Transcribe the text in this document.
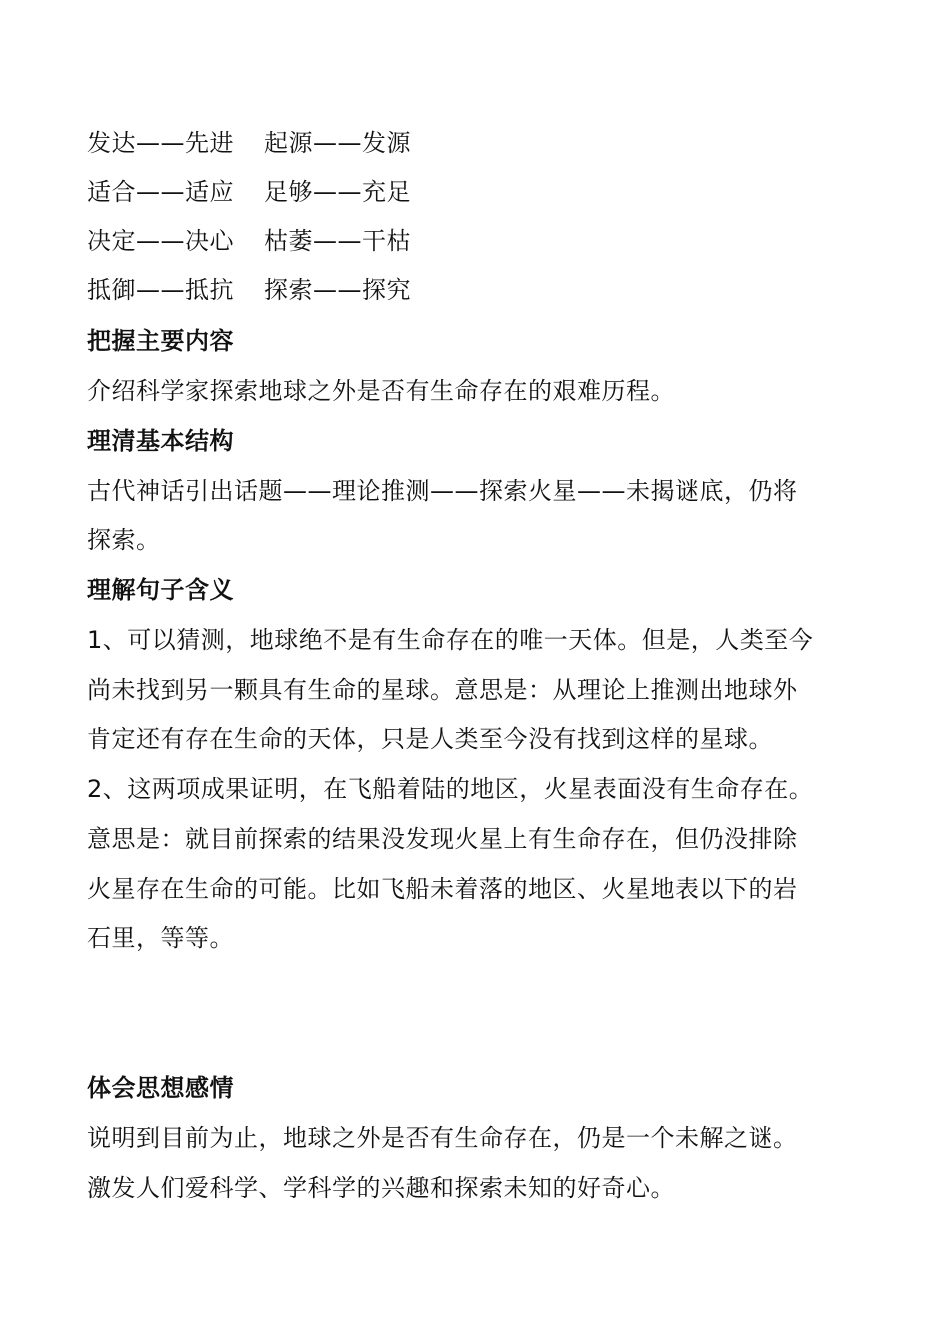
发达——先进 起源——发源
适合——适应 足够——充足
决定——决心 枯萎——干枯
抵御——抵抗 探索——探究
把握主要内容
介绍科学家探索地球之外是否有生命存在的艰难历程。
理清基本结构
古代神话引出话题——理论推测——探索火星——未揭谜底，仍将
探索。
理解句子含义
1、可以猜测，地球绝不是有生命存在的唯一天体。但是，人类至今
尚未找到另一颗具有生命的星球。意思是：从理论上推测出地球外
肯定还有存在生命的天体，只是人类至今没有找到这样的星球。
2、这两项成果证明，在飞船着陆的地区，火星表面没有生命存在。
意思是：就目前探索的结果没发现火星上有生命存在，但仍没排除
火星存在生命的可能。比如飞船未着落的地区、火星地表以下的岩
石里，等等。
体会思想感情
说明到目前为止，地球之外是否有生命存在，仍是一个未解之谜。
激发人们爱科学、学科学的兴趣和探索未知的好奇心。
